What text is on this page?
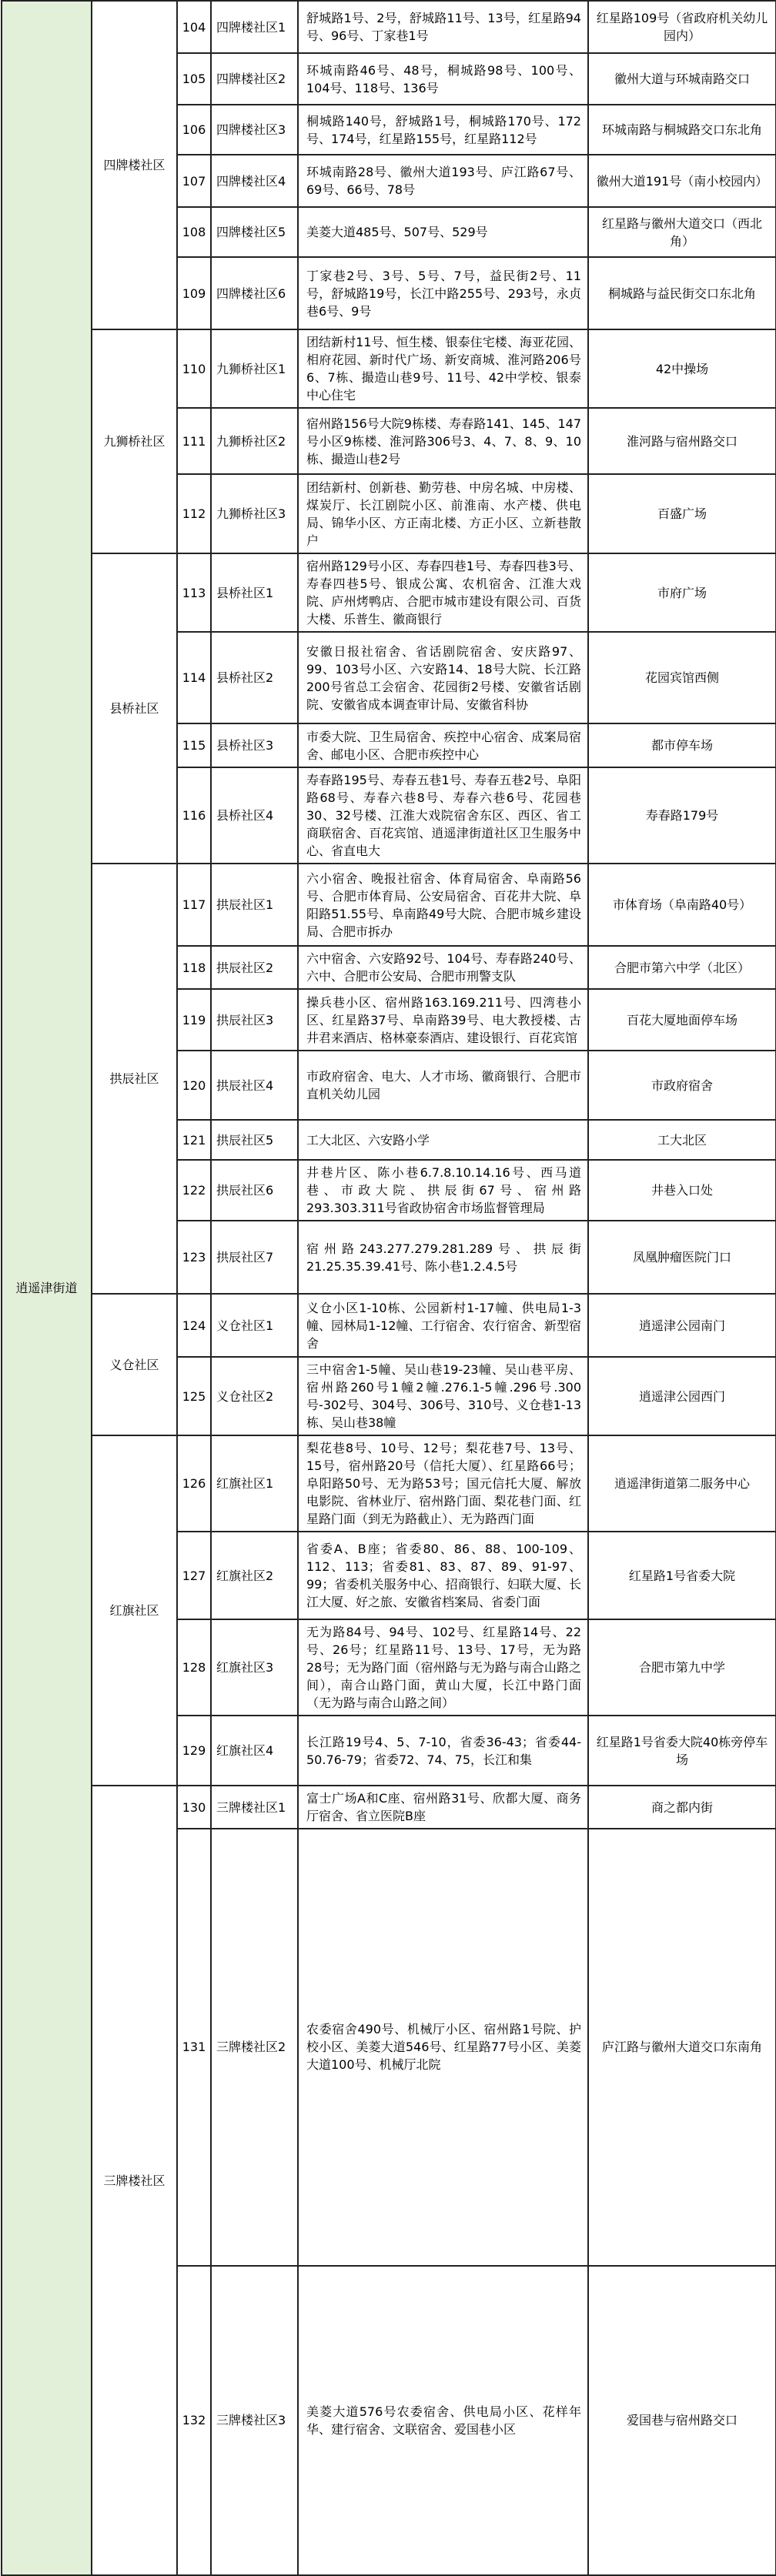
逍遥津街道	四牌楼社区	104	四牌楼社区1	舒城路1号、2号，舒城路11号、13号，红星路94号、96号、丁家巷1号	红星路109号（省政府机关幼儿园内）
		105	四牌楼社区2	环城南路46号、48号，桐城路98号、100号、104号、118号、136号	徽州大道与环城南路交口
		106	四牌楼社区3	桐城路140号，舒城路1号，桐城路170号、172号、174号，红星路155号，红星路112号	环城南路与桐城路交口东北角
		107	四牌楼社区4	环城南路28号、徽州大道193号、庐江路67号、69号、66号、78号	徽州大道191号（南小校园内）
		108	四牌楼社区5	美菱大道485号、507号、529号	红星路与徽州大道交口（西北角）
		109	四牌楼社区6	丁家巷2号、3号、5号、7号，益民街2号、11号，舒城路19号，长江中路255号、293号，永贞巷6号、9号	桐城路与益民街交口东北角
	九狮桥社区	110	九狮桥社区1	团结新村11号、恒生楼、银泰住宅楼、海亚花园、相府花园、新时代广场、新安商城、淮河路206号6、7栋、撮造山巷9号、11号、42中学校、银泰中心住宅	42中操场
		111	九狮桥社区2	宿州路156号大院9栋楼、寿春路141、145、147号小区9栋楼、淮河路306号3、4、7、8、9、10栋、撮造山巷2号	淮河路与宿州路交口
		112	九狮桥社区3	团结新村、创新巷、勤劳巷、中房名城、中房楼、煤炭厅、长江剧院小区、前淮南、水产楼、供电局、锦华小区、方正南北楼、方正小区、立新巷散户	百盛广场
	县桥社区	113	县桥社区1	宿州路129号小区、寿春四巷1号、寿春四巷3号、寿春四巷5号、银成公寓、农机宿舍、江淮大戏院、庐州烤鸭店、合肥市城市建设有限公司、百货大楼、乐普生、徽商银行	市府广场
		114	县桥社区2	安徽日报社宿舍、省话剧院宿舍、安庆路97、99、103号小区、六安路14、18号大院、长江路200号省总工会宿舍、花园街2号楼、安徽省话剧院、安徽省成本调查审计局、安徽省科协	花园宾馆西侧
		115	县桥社区3	市委大院、卫生局宿舍、疾控中心宿舍、成案局宿舍、邮电小区、合肥市疾控中心	都市停车场
		116	县桥社区4	寿春路195号、寿春五巷1号、寿春五巷2号、阜阳路68号、寿春六巷8号、寿春六巷6号、花园巷30、32号楼、江淮大戏院宿舍东区、西区、省工商联宿舍、百花宾馆、逍遥津街道社区卫生服务中心、省直电大	寿春路179号
	拱辰社区	117	拱辰社区1	六小宿舍、晚报社宿舍、体育局宿舍、阜南路56号、合肥市体育局、公安局宿舍、百花井大院、阜阳路51.55号、阜南路49号大院、合肥市城乡建设局、合肥市拆办	市体育场（阜南路40号）
		118	拱辰社区2	六中宿舍、六安路92号、104号、寿春路240号、六中、合肥市公安局、合肥市刑警支队	合肥市第六中学（北区）
		119	拱辰社区3	操兵巷小区、宿州路163.169.211号、四湾巷小区、红星路37号、阜南路39号、电大教授楼、古井君来酒店、格林豪泰酒店、建设银行、百花宾馆	百花大厦地面停车场
		120	拱辰社区4	市政府宿舍、电大、人才市场、徽商银行、合肥市直机关幼儿园	市政府宿舍
		121	拱辰社区5	工大北区、六安路小学	工大北区
		122	拱辰社区6	井巷片区、陈小巷6.7.8.10.14.16号、西马道巷、市政大院、拱辰街67号、宿州路293.303.311号省政协宿舍市场监督管理局	井巷入口处
		123	拱辰社区7	宿州路243.277.279.281.289号、拱辰街21.25.35.39.41号、陈小巷1.2.4.5号	凤凰肿瘤医院门口
	义仓社区	124	义仓社区1	义仓小区1-10栋、公园新村1-17幢、供电局1-3幢、园林局1-12幢、工行宿舍、农行宿舍、新型宿舍	逍遥津公园南门
		125	义仓社区2	三中宿舍1-5幢、吴山巷19-23幢、吴山巷平房、宿州路260号1幢2幢.276.1-5幢.296号.300号-302号、304号、306号、310号、义仓巷1-13栋、吴山巷38幢	逍遥津公园西门
	红旗社区	126	红旗社区1	梨花巷8号、10号、12号；梨花巷7号、13号、15号，宿州路20号（信托大厦）、红星路66号；阜阳路50号、无为路53号；国元信托大厦、解放电影院、省林业厅、宿州路门面、梨花巷门面、红星路门面（到无为路截止）、无为路西门面	逍遥津街道第二服务中心
		127	红旗社区2	省委A、B座；省委80、86、88、100-109、112、113；省委81、83、87、89、91-97、99；省委机关服务中心、招商银行、妇联大厦、长江大厦、好之旅、安徽省档案局、省委门面	红星路1号省委大院
		128	红旗社区3	无为路84号、94号、102号、红星路14号、22号、26号；红星路11号、13号、17号，无为路28号；无为路门面（宿州路与无为路与南合山路之间），南合山路门面，黄山大厦，长江中路门面（无为路与南合山路之间）	合肥市第九中学
		129	红旗社区4	长江路19号4、5、7-10，省委36-43；省委44-50.76-79；省委72、74、75，长江和集	红星路1号省委大院40栋旁停车场
	三牌楼社区	130	三牌楼社区1	富士广场A和C座、宿州路31号、欣都大厦、商务厅宿舍、省立医院B座	商之都内街
		131	三牌楼社区2	农委宿舍490号、机械厅小区、宿州路1号院、护校小区、美菱大道546号、红星路77号小区、美菱大道100号、机械厅北院	庐江路与徽州大道交口东南角
		132	三牌楼社区3	美菱大道576号农委宿舍、供电局小区、花样年华、建行宿舍、文联宿舍、爱国巷小区	爱国巷与宿州路交口
